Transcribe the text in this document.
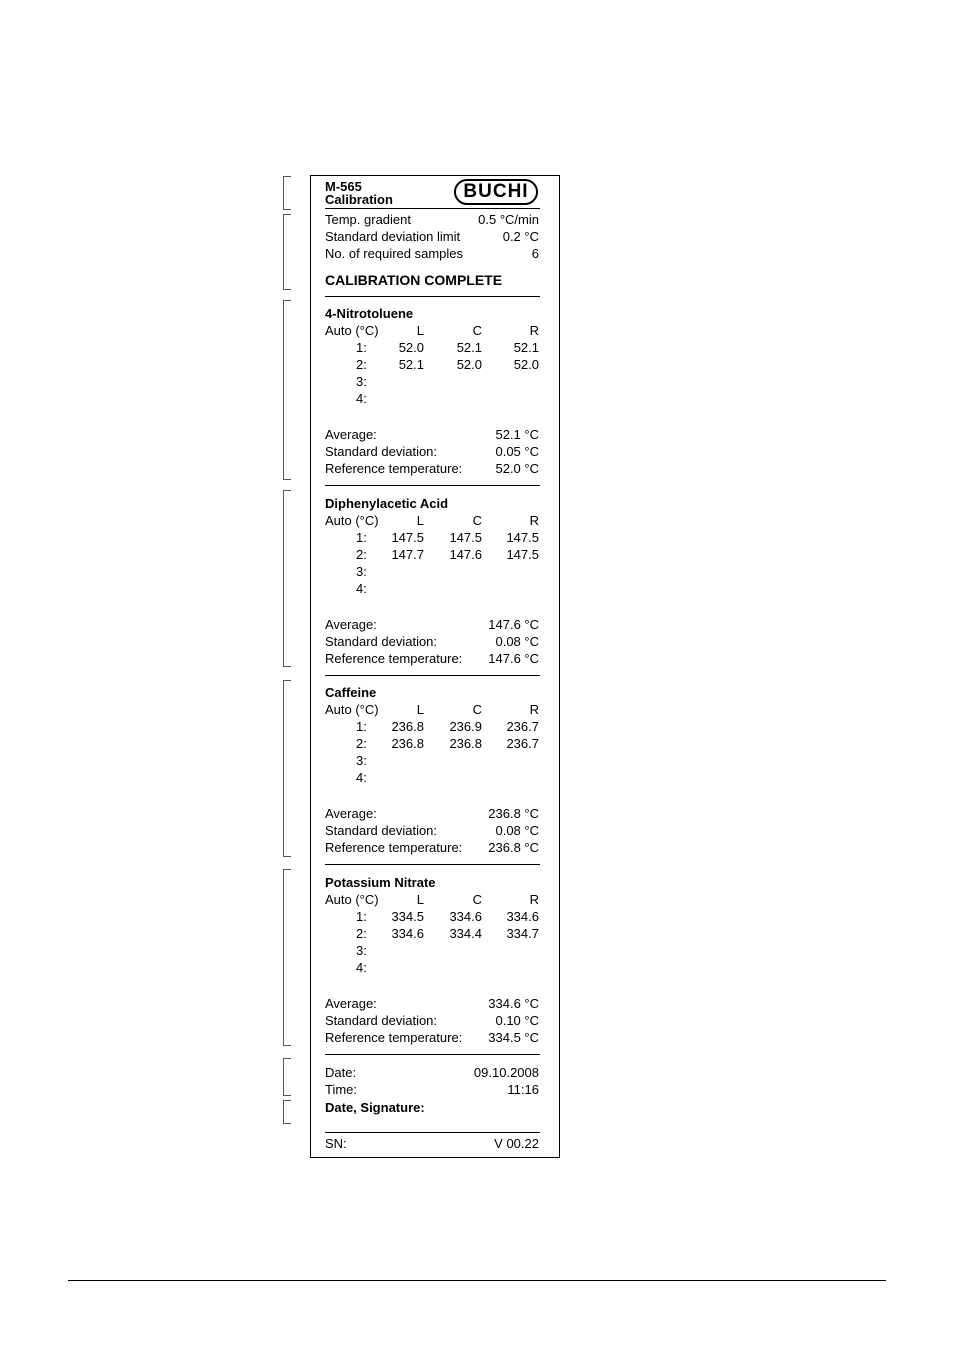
M-565
Calibration	BUCHI
Temp. gradient	0.5 °C/min
Standard deviation limit	0.2 °C
No. of required samples	6
CALIBRATION COMPLETE
4-Nitrotoluene
Auto (°C)	L	C	R
1: 52.0	52.1 52.1
2: 52.1	52.0 52.0
3:
4:
Average:	52.1 °C
Standard deviation:	0.05 °C
Reference temperature:	52.0 °C
Diphenylacetic Acid
Auto (°C)	L	C	R
1: 147.5 147.5 147.5
2: 147.7 147.6 147.5
3:
4:
Average:	147.6 °C
Standard deviation:	0.08 °C
Reference temperature: 147.6 °C
Caffeine
Auto (°C)	L	C	R
1: 236.8 236.9 236.7
2: 236.8 236.8 236.7
3:
4:
Average:	236.8 °C
Standard deviation:	0.08 °C
Reference temperature: 236.8 °C
Potassium Nitrate
Auto (°C)	L	C	R
1: 334.5 334.6 334.6
2: 334.6 334.4 334.7
3:
4:
Average:	334.6 °C
Standard deviation:	0.10 °C
Reference temperature: 334.5 °C
Date:	09.10.2008
Time:	11:16
Date, Signature:
SN:	V 00.22
